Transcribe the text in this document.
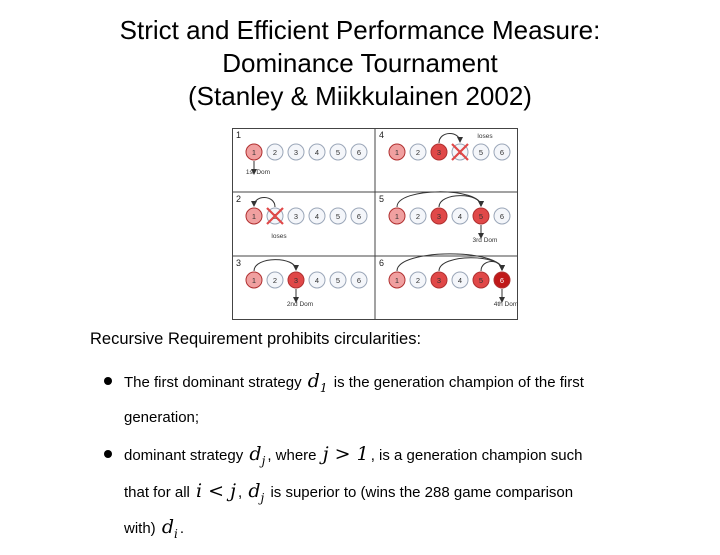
Strict and Efficient Performance Measure:
Dominance Tournament
(Stanley & Miikkulainen 2002)
1
1 2 3 4 5 6
1st Dom
2
1 2 3 4 5 6
loses
3
1 2 3 4 5 6
2nd Dom
4
1 2 3 4 5 6
loses
5
1 2 3 4 5 6
3rd Dom
6
1 2 3 4 5 6
4th Dom
Recursive Requirement prohibits circularities:
The first dominant strategy $d_1$ is the generation champion of the first generation;
dominant strategy $d_j$ , where j > 1 , is a generation champion such that for all i < j , $d_j$ is superior to (wins the 288 game comparison with) $d_i$ .
